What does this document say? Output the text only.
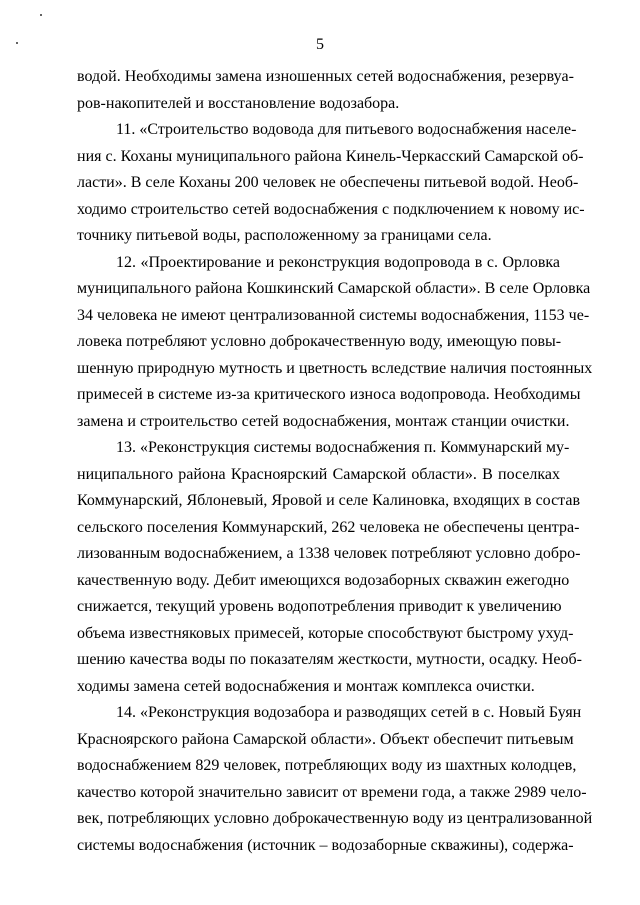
5
водой. Необходимы замена изношенных сетей водоснабжения, резервуа-
ров-накопителей и восстановление водозабора.
11. «Строительство водовода для питьевого водоснабжения населе-
ния с. Коханы муниципального района Кинель-Черкасский Самарской об-
ласти». В селе Коханы 200 человек не обеспечены питьевой водой. Необ-
ходимо строительство сетей водоснабжения с подключением к новому ис-
точнику питьевой воды, расположенному за границами села.
12. «Проектирование и реконструкция водопровода в с. Орловка
муниципального района Кошкинский Самарской области». В селе Орловка
34 человека не имеют централизованной системы водоснабжения, 1153 че-
ловека потребляют условно доброкачественную воду, имеющую повы-
шенную природную мутность и цветность вследствие наличия постоянных
примесей в системе из-за критического износа водопровода. Необходимы
замена и строительство сетей водоснабжения, монтаж станции очистки.
13. «Реконструкция системы водоснабжения п. Коммунарский му-
ниципального района Красноярский Самарской области». В поселках
Коммунарский, Яблоневый, Яровой и селе Калиновка, входящих в состав
сельского поселения Коммунарский, 262 человека не обеспечены центра-
лизованным водоснабжением, а 1338 человек потребляют условно добро-
качественную воду. Дебит имеющихся водозаборных скважин ежегодно
снижается, текущий уровень водопотребления приводит к увеличению
объема известняковых примесей, которые способствуют быстрому ухуд-
шению качества воды по показателям жесткости, мутности, осадку. Необ-
ходимы замена сетей водоснабжения и монтаж комплекса очистки.
14. «Реконструкция водозабора и разводящих сетей в с. Новый Буян
Красноярского района Самарской области». Объект обеспечит питьевым
водоснабжением 829 человек, потребляющих воду из шахтных колодцев,
качество которой значительно зависит от времени года, а также 2989 чело-
век, потребляющих условно доброкачественную воду из централизованной
системы водоснабжения (источник – водозаборные скважины), содержа-
